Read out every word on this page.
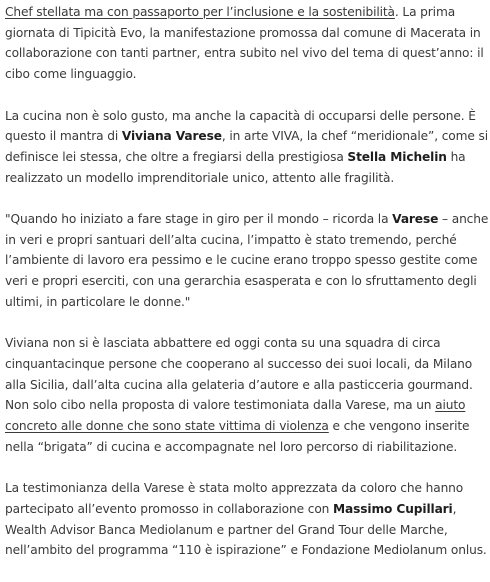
Chef stellata ma con passaporto per l’inclusione e la sostenibilità. La prima giornata di Tipicità Evo, la manifestazione promossa dal comune di Macerata in collaborazione con tanti partner, entra subito nel vivo del tema di quest’anno: il cibo come linguaggio.

La cucina non è solo gusto, ma anche la capacità di occuparsi delle persone. È questo il mantra di Viviana Varese, in arte VIVA, la chef “meridionale”, come si definisce lei stessa, che oltre a fregiarsi della prestigiosa Stella Michelin ha realizzato un modello imprenditoriale unico, attento alle fragilità.

"Quando ho iniziato a fare stage in giro per il mondo – ricorda la Varese – anche in veri e propri santuari dell’alta cucina, l’impatto è stato tremendo, perché l’ambiente di lavoro era pessimo e le cucine erano troppo spesso gestite come veri e propri eserciti, con una gerarchia esasperata e con lo sfruttamento degli ultimi, in particolare le donne."

Viviana non si è lasciata abbattere ed oggi conta su una squadra di circa cinquantacinque persone che cooperano al successo dei suoi locali, da Milano alla Sicilia, dall’alta cucina alla gelateria d’autore e alla pasticceria gourmand. Non solo cibo nella proposta di valore testimoniata dalla Varese, ma un aiuto concreto alle donne che sono state vittima di violenza e che vengono inserite nella “brigata” di cucina e accompagnate nel loro percorso di riabilitazione.

La testimonianza della Varese è stata molto apprezzata da coloro che hanno partecipato all’evento promosso in collaborazione con Massimo Cupillari, Wealth Advisor Banca Mediolanum e partner del Grand Tour delle Marche, nell’ambito del programma “110 è ispirazione” e Fondazione Mediolanum onlus.
